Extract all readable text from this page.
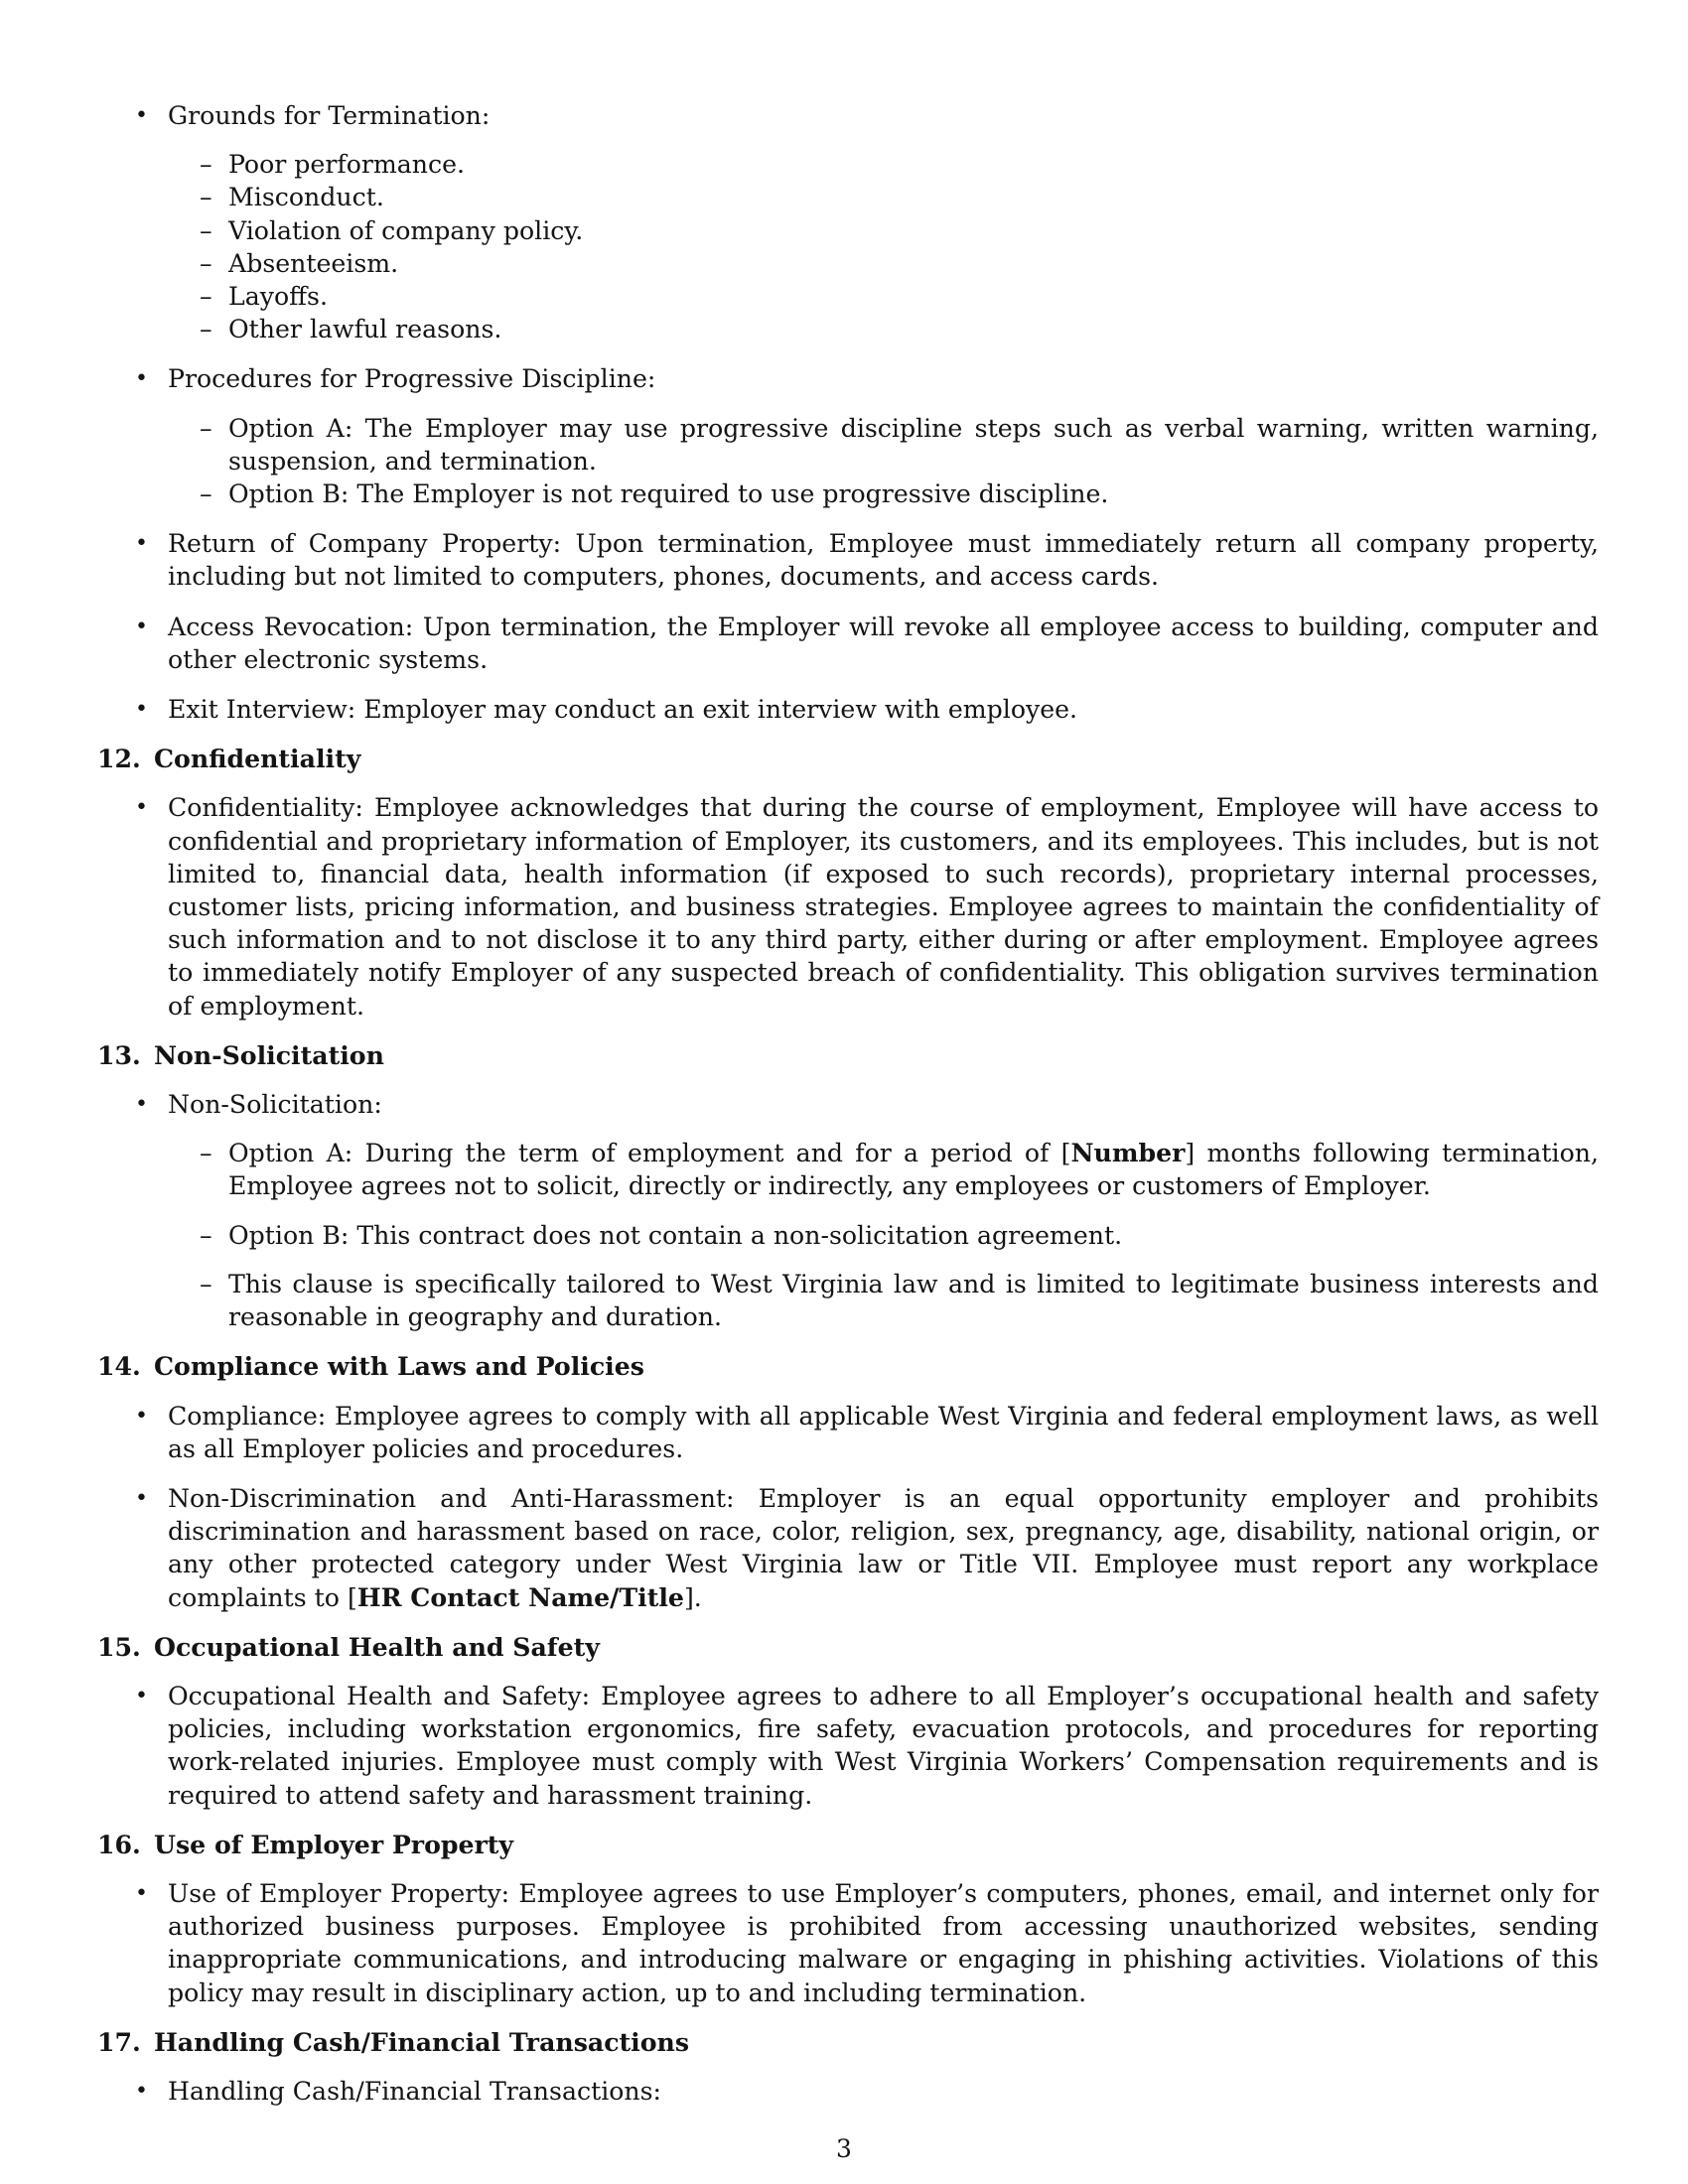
• Grounds for Termination:

– Poor performance.
– Misconduct.
– Violation of company policy.
– Absenteeism.
– Layoffs.
– Other lawful reasons.

• Procedures for Progressive Discipline:

– Option A: The Employer may use progressive discipline steps such as verbal warning, written warning, suspension, and termination.
– Option B: The Employer is not required to use progressive discipline.
• Return of Company Property: Upon termination, Employee must immediately return all company property, including but not limited to computers, phones, documents, and access cards.
• Access Revocation: Upon termination, the Employer will revoke all employee access to building, computer and other electronic systems.
• Exit Interview: Employer may conduct an exit interview with employee.
12. Confidentiality
• Confidentiality: Employee acknowledges that during the course of employment, Employee will have access to confidential and proprietary information of Employer, its customers, and its employees. This includes, but is not limited to, financial data, health information (if exposed to such records), proprietary internal processes, customer lists, pricing information, and business strategies. Employee agrees to maintain the confidentiality of such information and to not disclose it to any third party, either during or after employment. Employee agrees to immediately notify Employer of any suspected breach of confidentiality. This obligation survives termination of employment.
13. Non-Solicitation

• Non-Solicitation:

– Option A: During the term of employment and for a period of [Number] months following termination, Employee agrees not to solicit, directly or indirectly, any employees or customers of Employer.
– Option B: This contract does not contain a non-solicitation agreement.
– This clause is specifically tailored to West Virginia law and is limited to legitimate business interests and reasonable in geography and duration.
14. Compliance with Laws and Policies
• Compliance: Employee agrees to comply with all applicable West Virginia and federal employment laws, as well as all Employer policies and procedures.
• Non-Discrimination and Anti-Harassment: Employer is an equal opportunity employer and prohibits discrimination and harassment based on race, color, religion, sex, pregnancy, age, disability, national origin, or any other protected category under West Virginia law or Title VII. Employee must report any workplace complaints to [HR Contact Name/Title].
15. Occupational Health and Safety
• Occupational Health and Safety: Employee agrees to adhere to all Employer’s occupational health and safety policies, including workstation ergonomics, fire safety, evacuation protocols, and procedures for reporting work-related injuries. Employee must comply with West Virginia Workers’ Compensation requirements and is required to attend safety and harassment training.
16. Use of Employer Property
• Use of Employer Property: Employee agrees to use Employer’s computers, phones, email, and internet only for authorized business purposes. Employee is prohibited from accessing unauthorized websites, sending inappropriate communications, and introducing malware or engaging in phishing activities. Violations of this policy may result in disciplinary action, up to and including termination.
17. Handling Cash/Financial Transactions
• Handling Cash/Financial Transactions:
3
